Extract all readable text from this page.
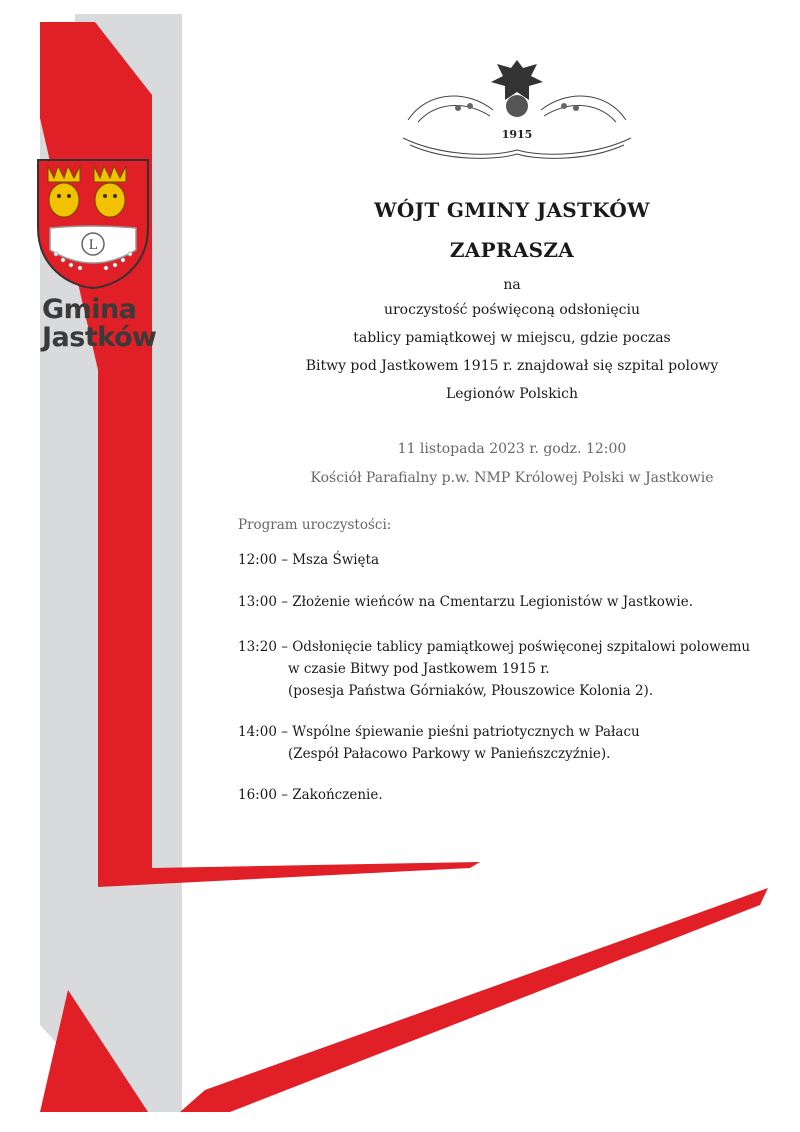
L
Gmina
Jastków
1915
WÓJT GMINY JASTKÓW
ZAPRASZA
na
uroczystość poświęconą odsłonięciu
tablicy pamiątkowej w miejscu, gdzie poczas
Bitwy pod Jastkowem 1915 r. znajdował się szpital polowy
Legionów Polskich
11 listopada 2023 r. godz. 12:00
Kościół Parafialny p.w. NMP Królowej Polski w Jastkowie
Program uroczystości:
12:00 – Msza Święta
13:00 – Złożenie wieńców na Cmentarzu Legionistów w Jastkowie.
13:20 – Odsłonięcie tablicy pamiątkowej poświęconej szpitalowi polowemu
w czasie Bitwy pod Jastkowem 1915 r.
(posesja Państwa Górniaków, Płouszowice Kolonia 2).
14:00 – Wspólne śpiewanie pieśni patriotycznych w Pałacu
(Zespół Pałacowo Parkowy w Panieńszczyźnie).
16:00 – Zakończenie.
